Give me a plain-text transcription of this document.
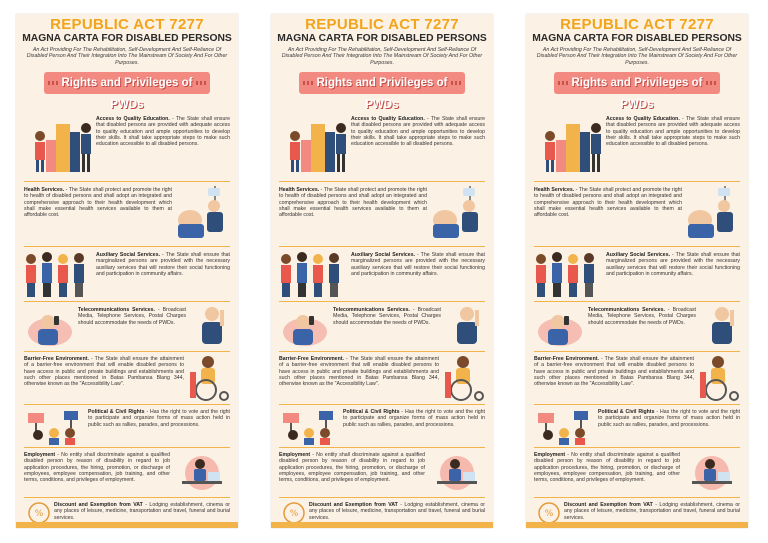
REPUBLIC ACT 7277
MAGNA CARTA FOR DISABLED PERSONS
An Act Providing For The Rehabilitation, Self-Development And Self-Reliance Of Disabled Person And Their Integration Into The Mainstream Of Society And For Other Purposes.
Rights and Privileges of PWDs
Access to Quality Education. - The State shall ensure that disabled persons are provided with adequate access to quality education and ample opportunities to develop their skills. It shall take appropriate steps to make such education accessible to all disabled persons.
Health Services. - The State shall protect and promote the right to health of disabled persons and shall adopt an integrated and comprehensive approach to their health development which shall make essential health services available to them at affordable cost.
Auxiliary Social Services. - The State shall ensure that marginalized persons are provided with the necessary auxiliary services that will restore their social functioning and participation in community affairs.
Telecommunications Services. - Broadcast Media, Telephone Services, Postal Charges should accommodate the needs of PWDs.
Barrier-Free Environment. - The State shall ensure the attainment of a barrier-free environment that will enable disabled persons to have access in public and private buildings and establishments and such other places mentioned in Batas Pambansa Blang 344, otherwise known as the "Accessibility Law".
Political & Civil Rights - Has the right to vote and the right to participate and organize forms of mass action held in public such as rallies, parades, and processions.
Employment - No entity shall discriminate against a qualified disabled person by reason of disability in regard to job application procedures, the hiring, promotion, or discharge of employees, employee compensation, job training, and other terms, conditions, and privileges of employment.
%
Discount and Exemption from VAT - Lodging establishment, cinema or any places of leisure, medicine, transportation and travel, funeral and burial services.
REPUBLIC ACT 7277
MAGNA CARTA FOR DISABLED PERSONS
An Act Providing For The Rehabilitation, Self-Development And Self-Reliance Of Disabled Person And Their Integration Into The Mainstream Of Society And For Other Purposes.
Rights and Privileges of PWDs
Access to Quality Education. - The State shall ensure that disabled persons are provided with adequate access to quality education and ample opportunities to develop their skills. It shall take appropriate steps to make such education accessible to all disabled persons.
Health Services. - The State shall protect and promote the right to health of disabled persons and shall adopt an integrated and comprehensive approach to their health development which shall make essential health services available to them at affordable cost.
Auxiliary Social Services. - The State shall ensure that marginalized persons are provided with the necessary auxiliary services that will restore their social functioning and participation in community affairs.
Telecommunications Services. - Broadcast Media, Telephone Services, Postal Charges should accommodate the needs of PWDs.
Barrier-Free Environment. - The State shall ensure the attainment of a barrier-free environment that will enable disabled persons to have access in public and private buildings and establishments and such other places mentioned in Batas Pambansa Blang 344, otherwise known as the "Accessibility Law".
Political & Civil Rights - Has the right to vote and the right to participate and organize forms of mass action held in public such as rallies, parades, and processions.
Employment - No entity shall discriminate against a qualified disabled person by reason of disability in regard to job application procedures, the hiring, promotion, or discharge of employees, employee compensation, job training, and other terms, conditions, and privileges of employment.
%
Discount and Exemption from VAT - Lodging establishment, cinema or any places of leisure, medicine, transportation and travel, funeral and burial services.
REPUBLIC ACT 7277
MAGNA CARTA FOR DISABLED PERSONS
An Act Providing For The Rehabilitation, Self-Development And Self-Reliance Of Disabled Person And Their Integration Into The Mainstream Of Society And For Other Purposes.
Rights and Privileges of PWDs
Access to Quality Education. - The State shall ensure that disabled persons are provided with adequate access to quality education and ample opportunities to develop their skills. It shall take appropriate steps to make such education accessible to all disabled persons.
Health Services. - The State shall protect and promote the right to health of disabled persons and shall adopt an integrated and comprehensive approach to their health development which shall make essential health services available to them at affordable cost.
Auxiliary Social Services. - The State shall ensure that marginalized persons are provided with the necessary auxiliary services that will restore their social functioning and participation in community affairs.
Telecommunications Services. - Broadcast Media, Telephone Services, Postal Charges should accommodate the needs of PWDs.
Barrier-Free Environment. - The State shall ensure the attainment of a barrier-free environment that will enable disabled persons to have access in public and private buildings and establishments and such other places mentioned in Batas Pambansa Blang 344, otherwise known as the "Accessibility Law".
Political & Civil Rights - Has the right to vote and the right to participate and organize forms of mass action held in public such as rallies, parades, and processions.
Employment - No entity shall discriminate against a qualified disabled person by reason of disability in regard to job application procedures, the hiring, promotion, or discharge of employees, employee compensation, job training, and other terms, conditions, and privileges of employment.
%
Discount and Exemption from VAT - Lodging establishment, cinema or any places of leisure, medicine, transportation and travel, funeral and burial services.
